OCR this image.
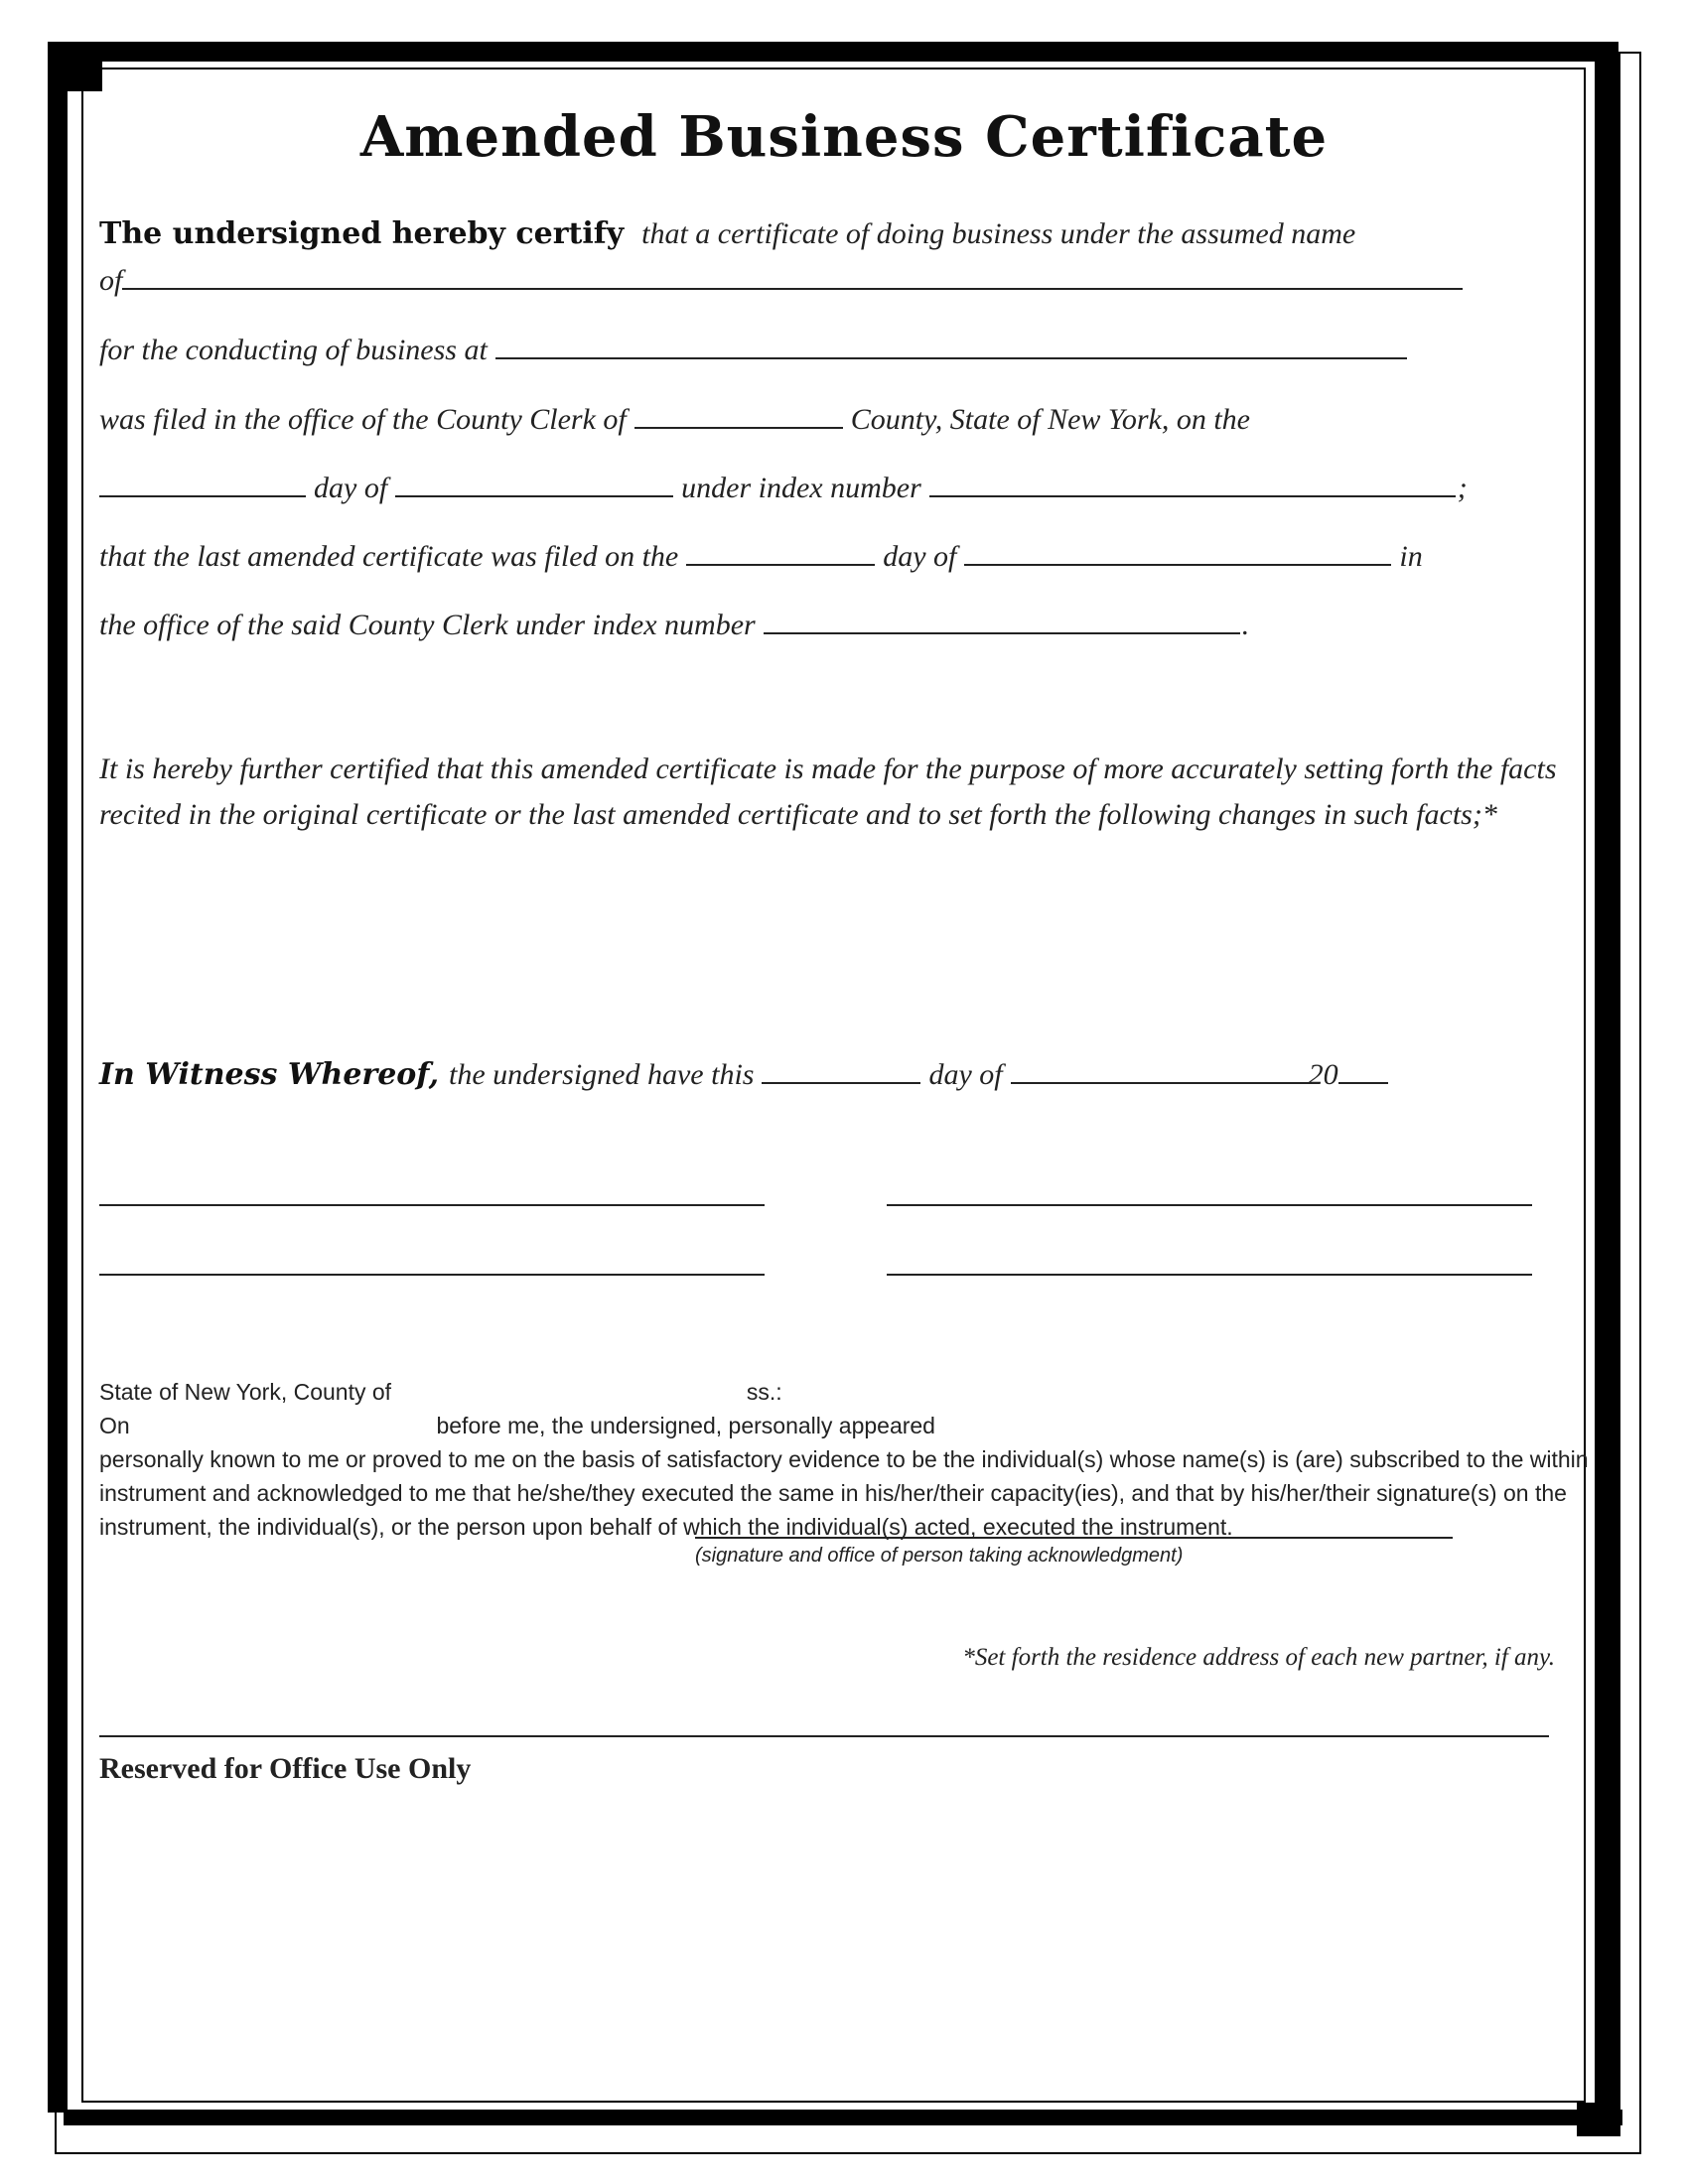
Amended Business Certificate
The undersigned hereby certify that a certificate of doing business under the assumed name
of
for the conducting of business at
was filed in the office of the County Clerk of	County, State of New York, on the
day of	under index number	;
that the last amended certificate was filed on the	day of	in
the office of the said County Clerk under index number	.
It is hereby further certified that this amended certificate is made for the purpose of more accurately setting forth the facts recited in the original certificate or the last amended certificate and to set forth the following changes in such facts;*
In Witness Whereof, the undersigned have this	day of	20
State of New York, County of	ss.:
On	before me, the undersigned, personally appeared
personally known to me or proved to me on the basis of satisfactory evidence to be the individual(s) whose name(s) is (are) subscribed to the within instrument and acknowledged to me that he/she/they executed the same in his/her/their capacity(ies), and that by his/her/their signature(s) on the instrument, the individual(s), or the person upon behalf of which the individual(s) acted, executed the instrument.
(signature and office of person taking acknowledgment)
*Set forth the residence address of each new partner, if any.
Reserved for Office Use Only
